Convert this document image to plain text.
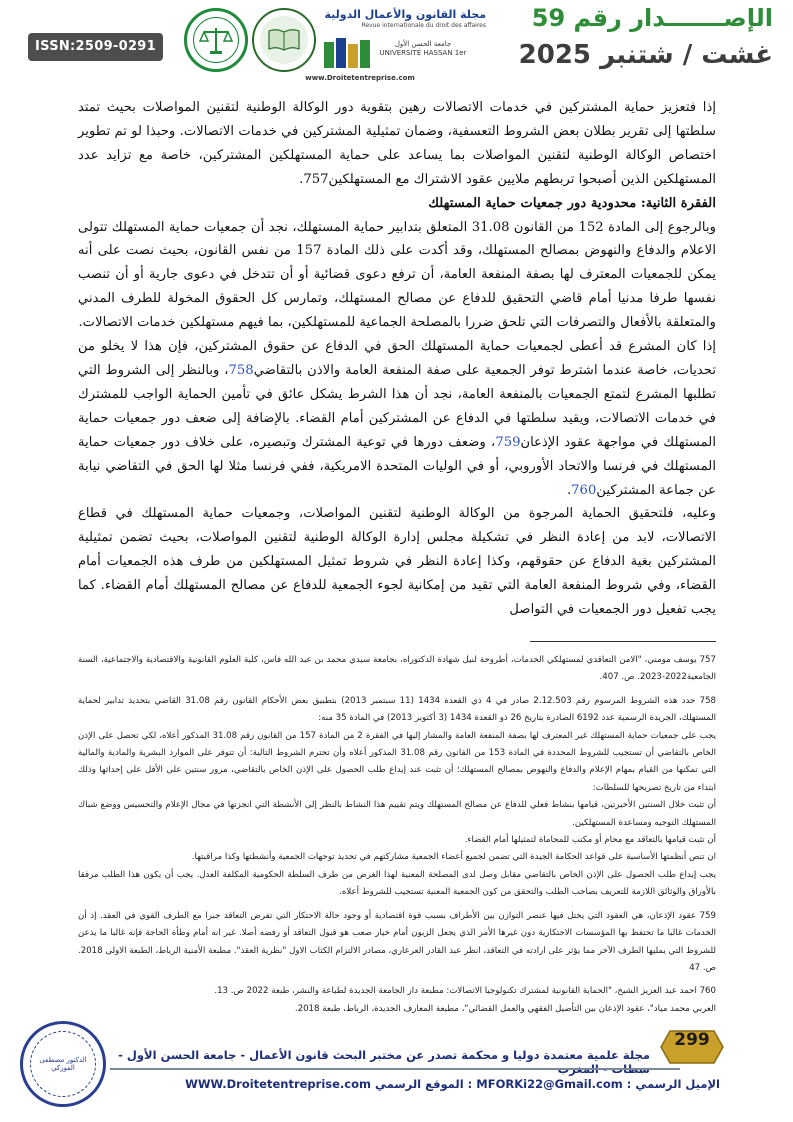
ISSN:2509-0291
مجلة القانون والأعمال الدولية
Revue internationale du droit des affaires
جامعة الحسن الأول UNIVERSITÉ HASSAN 1er
www.Droitetentreprise.com
الإصـــــــدار رقم 59
غشت / شتنبر 2025

إذا فتعزيز حماية المشتركين في خدمات الاتصالات رهين بتقوية دور الوكالة الوطنية لتقنين المواصلات بحيث تمتد سلطتها إلى تقرير بطلان بعض الشروط التعسفية، وضمان تمثيلية المشتركين في خدمات الاتصالات. وحبذا لو تم تطوير اختصاص الوكالة الوطنية لتقنين المواصلات بما يساعد على حماية المستهلكين المشتركين، خاصة مع تزايد عدد المستهلكين الذين أصبحوا تربطهم ملايين عقود الاشتراك مع المستهلكين757.

الفقرة الثانية: محدودية دور جمعيات حماية المستهلك

وبالرجوع إلى المادة 152 من القانون 31.08 المتعلق بتدابير حماية المستهلك، نجد أن جمعيات حماية المستهلك تتولى الاعلام والدفاع والنهوض بمصالح المستهلك، وقد أكدت على ذلك المادة 157 من نفس القانون، بحيث نصت على أنه يمكن للجمعيات المعترف لها بصفة المنفعة العامة، أن ترفع دعوى قضائية أو أن تتدخل في دعوى جارية أو أن تنصب نفسها طرفا مدنيا أمام قاضي التحقيق للدفاع عن مصالح المستهلك، وتمارس كل الحقوق المخولة للطرف المدني والمتعلقة بالأفعال والتصرفات التي تلحق ضررا بالمصلحة الجماعية للمستهلكين، بما فيهم مستهلكين خدمات الاتصالات.

إذا كان المشرع قد أعطى لجمعيات حماية المستهلك الحق في الدفاع عن حقوق المشتركين، فإن هذا لا يخلو من تحديات، خاصة عندما اشترط توفر الجمعية على صفة المنفعة العامة والاذن بالتقاضي758، وبالنظر إلى الشروط التي تطلبها المشرع لتمتع الجمعيات بالمنفعة العامة، نجد أن هذا الشرط يشكل عائق في تأمين الحماية الواجب للمشترك في خدمات الاتصالات، ويقيد سلطتها في الدفاع عن المشتركين أمام القضاء. بالإضافة إلى ضعف دور جمعيات حماية المستهلك في مواجهة عقود الإذعان759، وضعف دورها في توعية المشترك وتبصيره، على خلاف دور جمعيات حماية المستهلك في فرنسا والاتحاد الأوروبي، أو في الوليات المتحدة الامريكية، ففي فرنسا مثلا لها الحق في التقاضي نيابة عن جماعة المشتركين760.

وعليه، فلتحقيق الحماية المرجوة من الوكالة الوطنية لتقنين المواصلات، وجمعيات حماية المستهلك في قطاع الاتصالات، لابد من إعادة النظر في تشكيلة مجلس إدارة الوكالة الوطنية لتقنين المواصلات، بحيث تضمن تمثيلية المشتركين بغية الدفاع عن حقوقهم، وكذا إعادة النظر في شروط تمثيل المستهلكين من طرف هذه الجمعيات أمام القضاء، وفي شروط المنفعة العامة التي تقيد من إمكانية لجوء الجمعية للدفاع عن مصالح المستهلك أمام القضاء. كما يجب تفعيل دور الجمعيات في التواصل

757 يوسف مومني، "الامن التعاقدي لمستهلكي الخدمات، أطروحة لنيل شهادة الدكتوراه، بجامعة سيدي محمد بن عبد الله فاس، كلية العلوم القانونية والاقتصادية والاجتماعية، السنة الجامعية2022-2023. ص. 407.

758 حدد هذه الشروط المرسوم رقم 2.12.503 صادر في 4 ذي القعدة 1434 (11 سبتمبر 2013) بتطبيق بعض الأحكام القانون رقم 31.08 القاضي بتحديد تدابير لحماية المستهلك، الجريدة الرسمية عدد 6192 الصادرة بتاريخ 26 ذو القعدة 1434 (3 أكتوبر 2013) في المادة 35 منه:

يجب على جمعيات حماية المستهلك غير المعترف لها بصفة المنفعة العامة والمشار إليها في الفقرة 2 من المادة 157 من القانون رقم 31.08 المذكور أعلاه، لكي تحصل على الإذن الخاص بالتقاضي أن تستجيب للشروط المحددة في المادة 153 من القانون رقم 31.08 المذكور أعلاه وأن تحترم الشروط التالية: أن تتوفر على الموارد البشرية والمادية والمالية التي تمكنها من القيام بمهام الإعلام والدفاع والنهوض بمصالح المستهلك؛ أن تثبت عند إيداع طلب الحصول على الإذن الخاص بالتقاضي، مرور سنتين على الأقل على إحداثها وذلك ابتداء من تاريخ تصريحها للسلطات:

أن تثبت خلال السنتين الأخيرتين، قيامها بنشاط فعلي للدفاع عن مصالح المستهلك ويتم تقييم هذا النشاط بالنظر إلى الأنشطة التي انجزتها في مجال الإعلام والتحسيس ووضع شباك المستهلك التوجيه ومساعدة المستهلكين.

أن تثبت قيامها بالتعاقد مع محام أو مكتب للمحاماة لتمثيلها أمام القضاء.

ان تنص أنظمتها الأساسية على قواعد الحكامة الجيدة التي تضمن لجميع أعضاء الجمعية مشاركتهم في تحديد توجهات الجمعية وأنشطتها وكذا مراقبتها.

يجب إيداع طلب الحصول على الإذن الخاص بالتقاضي مقابل وصل لدى المصلحة المعنية لهذا الغرض من طرف السلطة الحكومية المكلفة العدل. يجب أن يكون هذا الطلب مرفقا بالأوراق والوثائق اللازمة للتعريف بصاحب الطلب والتحقق من كون الجمعية المعنية تستجيب للشروط أعلاه.

759 عقود الإذعان، هي العقود التي يختل فيها عنصر التوازن بين الأطراف بسبب قوة اقتصادية أو وجود حالة الاحتكار التي تفرض التعاقد جبرا مع الطرف القوي في العقد. إذ أن الخدمات غالبا ما تحتفظ بها المؤسسات الاحتكارية دون غيرها الأمر الذي يجعل الزبون أمام خيار صعب هو قبول التعاقد أو رفضه أصلا. غير انه أمام وطأة الحاجة فإنه غالبا ما يذعن للشروط التي يمليها الطرف الآخر مما يؤثر على ارادته في التعاقد، انظر عبد القادر العرعاري، مصادر الالتزام الكتاب الاول "نظرية العقد". مطبعة الأمنية الرباط، الطبعة الاولى 2018. ص. 47

760 احمد عبد العزيز الشيخ، "الحماية القانونية لمشترك تكنولوجيا الاتصالات: مطبعة دار الجامعة الجديدة لطباعة والنشر، طبعة 2022 ص. 13.

العربي محمد مياد"، عقود الإذعان بين التأصيل الفقهي والعمل القضائي"، مطبعة المعارف الجديدة، الرباط، طبعة 2018.

الدكتور مصطفى الفوركي
299
مجلة علمية معتمدة دوليا و محكمة تصدر عن مختبر البحث قانون الأعمال - جامعة الحسن الأول -
الإميل الرسمي : MFORKi22@Gmail.com : الموقع الرسمي WWW.Droitetentreprise.com
